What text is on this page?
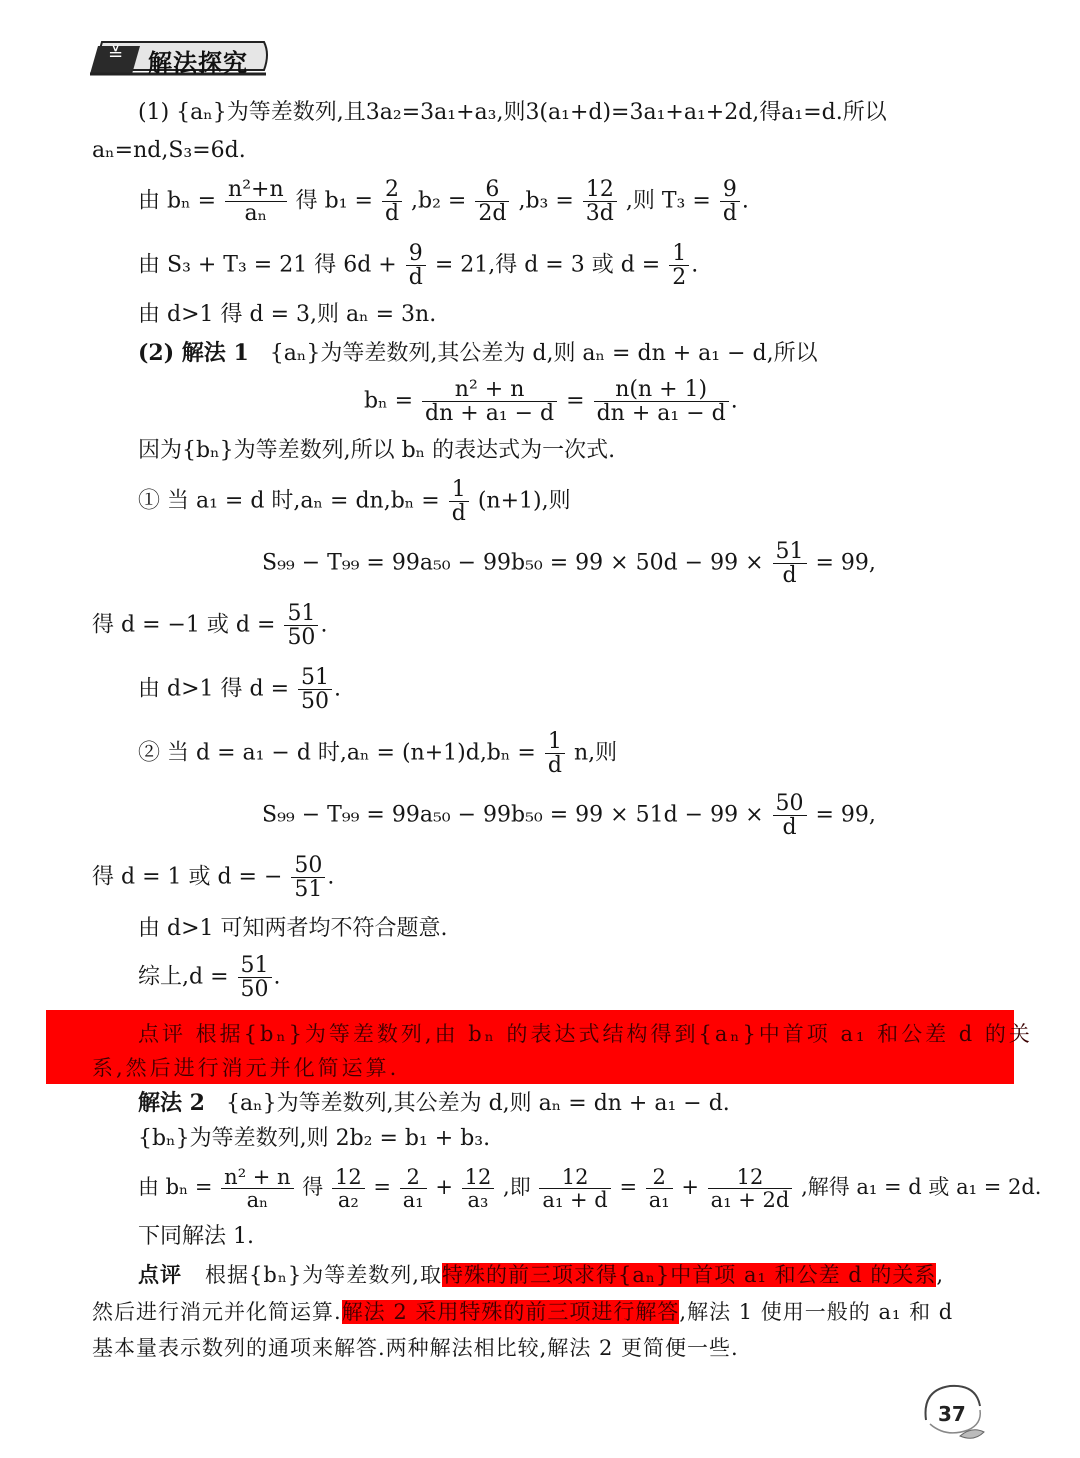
≚ 解法探究
(1) {aₙ}为等差数列,且3a₂=3a₁+a₃,则3(a₁+d)=3a₁+a₁+2d,得a₁=d.所以
aₙ=nd,S₃=6d.
由 $b_n = \frac{\text{n²+n}}{\text{aₙ}}$ 得 $b_1 = \frac{2}{d} ,b_2 = \frac{6}{2d} ,b_3 = \frac{12}{3d}$ ,则 $T_3 = \frac{9}{d}$ .
由 S₃ + T₃ = 21 得 $6d + \frac{9}{d} = 21$,得 d = 3 或 $d = \frac{1}{2}$ .
由 d>1 得 d = 3,则 aₙ = 3n.
(2) 解法 1 {aₙ}为等差数列,其公差为 d,则 aₙ = dn + a₁ − d,所以
$b_n = \frac{\text{n² + n}}{\text{dn + a₁ − d}} = \frac{n(n + 1)}{\text{dn + a₁ − d}}$ .
因为{bₙ}为等差数列,所以 bₙ 的表达式为一次式.
① 当 a₁ = d 时$,a_n = dn,b_n = \frac{1}{d} (n+1)$,则
$S_{99} - T_{99} = 99a_{50} - 99b_{50} = 99 \times 50d - 99 \times \frac{51}{d} = 99$,
得 d = −1 或 $d = \frac{51}{50}$ .
由 d>1 得 $d = \frac{51}{50}$ .
② 当 d = a₁ − d 时$,a_n = (n+1)d,b_n = \frac{1}{d} n$,则
$S_{99} - T_{99} = 99a_{50} - 99b_{50} = 99 \times 51d - 99 \times \frac{50}{d} = 99$,
得 d = 1 或 d = − $\frac{50}{51}$ .
由 d>1 可知两者均不符合题意.
综上$,d = \frac{51}{50}$ .
点评 根据{bₙ}为等差数列,由 bₙ 的表达式结构得到{aₙ}中首项 a₁ 和公差 d 的关
系,然后进行消元并化简运算.
解法 2 {aₙ}为等差数列,其公差为 d,则 aₙ = dn + a₁ − d.
{bₙ}为等差数列,则 2b₂ = b₁ + b₃.
由 $b_n = \frac{\text{n² + n}}{\text{aₙ}}$ 得 $\frac{12}{\text{a₂}} = \frac{2}{\text{a₁}} + \frac{12}{\text{a₃}}$ ,即 $\frac{12}{\text{a₁ + d}} = \frac{2}{\text{a₁}} + \frac{12}{\text{a₁ + 2d}}$ ,解得 a₁ = d 或 a₁ = 2d.
下同解法 1.
点评 根据{bₙ}为等差数列,取特殊的前三项求得{aₙ}中首项 a₁ 和公差 d 的关系,
然后进行消元并化简运算.解法 2 采用特殊的前三项进行解答,解法 1 使用一般的 a₁ 和 d
基本量表示数列的通项来解答.两种解法相比较,解法 2 更简便一些.
37
